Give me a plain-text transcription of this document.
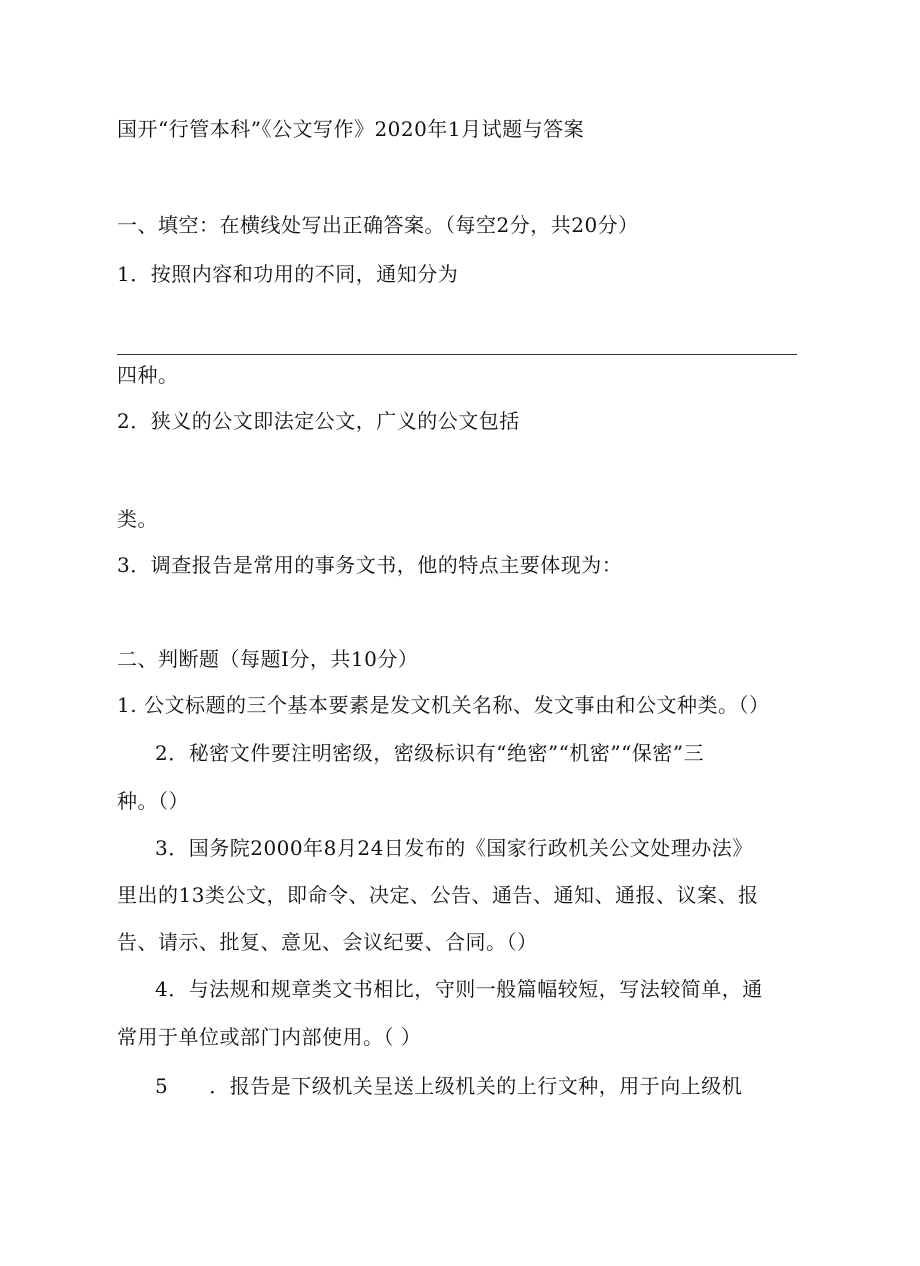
国开“行管本科”《公文写作》2020年1月试题与答案
一、填空：在横线处写出正确答案。（每空2分，共20分）
1．按照内容和功用的不同，通知分为
四种。
2．狭义的公文即法定公文，广义的公文包括
类。
3．调查报告是常用的事务文书，他的特点主要体现为：
二、判断题（每题Ⅰ分，共10分）
1. 公文标题的三个基本要素是发文机关名称、发文事由和公文种类。（）
2．秘密文件要注明密级，密级标识有“绝密”“机密”“保密”三
种。（）
3．国务院2000年8月24日发布的《国家行政机关公文处理办法》
里出的13类公文，即命令、决定、公告、通告、通知、通报、议案、报
告、请示、批复、意见、会议纪要、合同。（）
4．与法规和规章类文书相比，守则一般篇幅较短，写法较简单，通
常用于单位或部门内部使用。（ ）
5　　．报告是下级机关呈送上级机关的上行文种，用于向上级机
